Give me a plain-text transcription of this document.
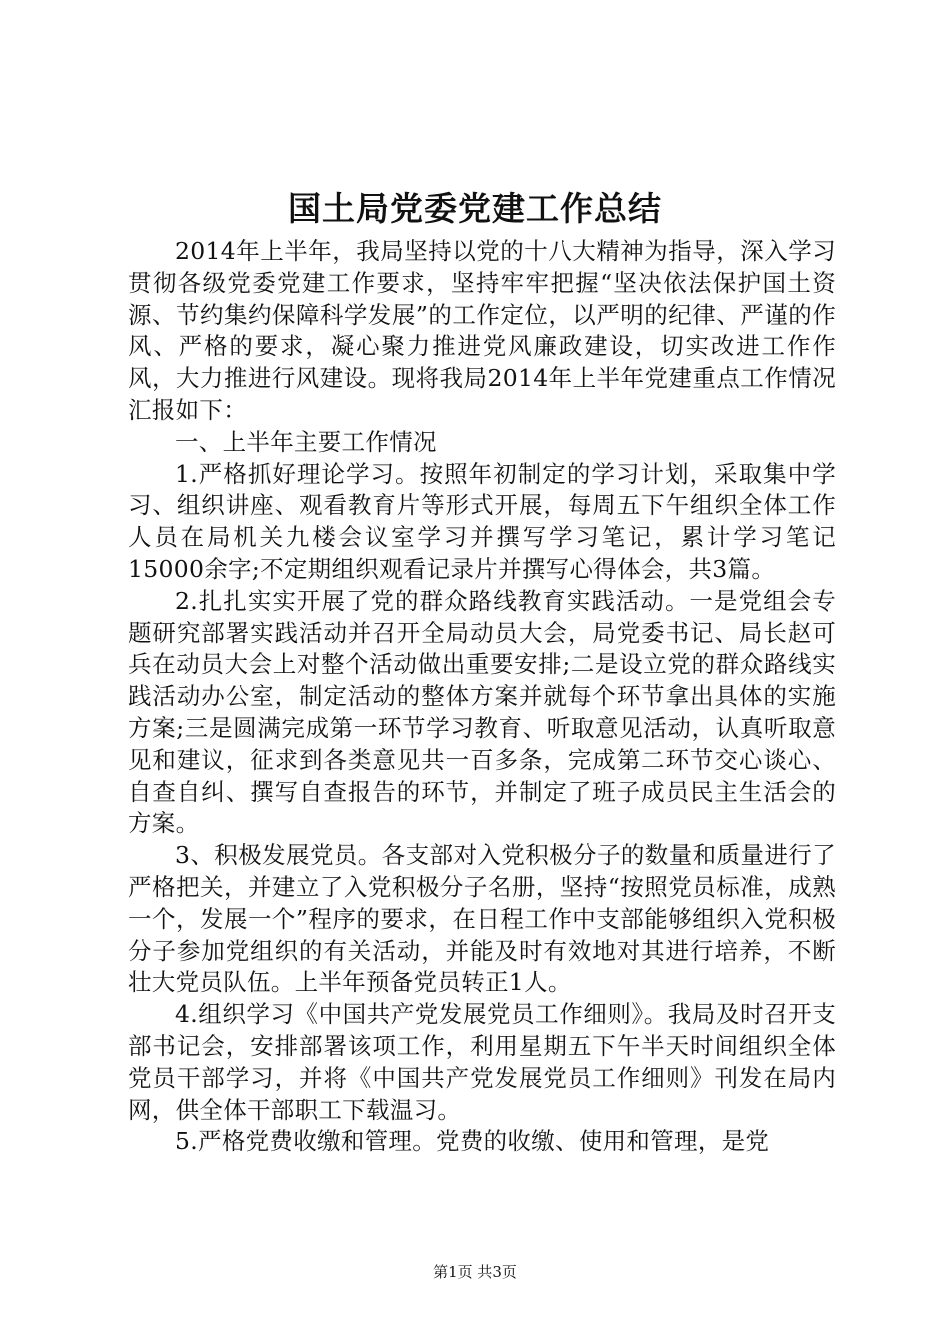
国土局党委党建工作总结

2014年上半年，我局坚持以党的十八大精神为指导，深入学习贯彻各级党委党建工作要求，坚持牢牢把握“坚决依法保护国土资源、节约集约保障科学发展”的工作定位，以严明的纪律、严谨的作风、严格的要求，凝心聚力推进党风廉政建设，切实改进工作作风，大力推进行风建设。现将我局2014年上半年党建重点工作情况汇报如下：

一、上半年主要工作情况

1.严格抓好理论学习。按照年初制定的学习计划，采取集中学习、组织讲座、观看教育片等形式开展，每周五下午组织全体工作人员在局机关九楼会议室学习并撰写学习笔记，累计学习笔记15000余字;不定期组织观看记录片并撰写心得体会，共3篇。

2.扎扎实实开展了党的群众路线教育实践活动。一是党组会专题研究部署实践活动并召开全局动员大会，局党委书记、局长赵可兵在动员大会上对整个活动做出重要安排;二是设立党的群众路线实践活动办公室，制定活动的整体方案并就每个环节拿出具体的实施方案;三是圆满完成第一环节学习教育、听取意见活动，认真听取意见和建议，征求到各类意见共一百多条，完成第二环节交心谈心、自查自纠、撰写自查报告的环节，并制定了班子成员民主生活会的方案。

3、积极发展党员。各支部对入党积极分子的数量和质量进行了严格把关，并建立了入党积极分子名册，坚持“按照党员标准，成熟一个，发展一个”程序的要求，在日程工作中支部能够组织入党积极分子参加党组织的有关活动，并能及时有效地对其进行培养，不断壮大党员队伍。上半年预备党员转正1人。

4.组织学习《中国共产党发展党员工作细则》。我局及时召开支部书记会，安排部署该项工作，利用星期五下午半天时间组织全体党员干部学习，并将《中国共产党发展党员工作细则》刊发在局内网，供全体干部职工下载温习。

5.严格党费收缴和管理。党费的收缴、使用和管理，是党

第1页 共3页
